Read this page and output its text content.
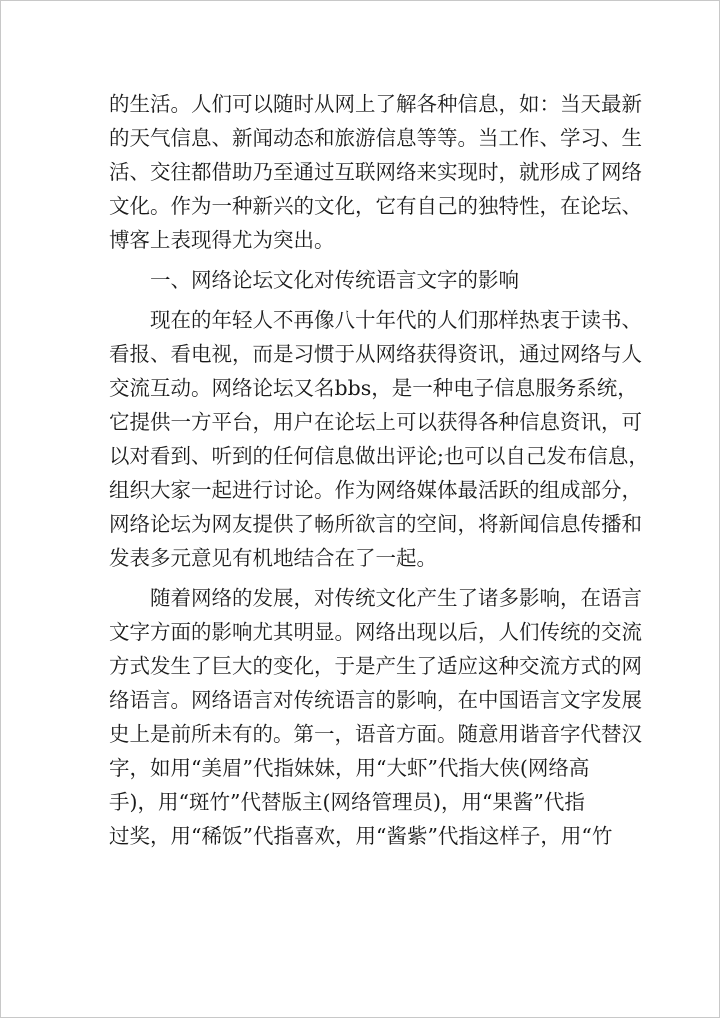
的生活。人们可以随时从网上了解各种信息，如：当天最新
的天气信息、新闻动态和旅游信息等等。当工作、学习、生
活、交往都借助乃至通过互联网络来实现时，就形成了网络
文化。作为一种新兴的文化，它有自己的独特性，在论坛、
博客上表现得尤为突出。

　　一、网络论坛文化对传统语言文字的影响

　　现在的年轻人不再像八十年代的人们那样热衷于读书、
看报、看电视，而是习惯于从网络获得资讯，通过网络与人
交流互动。网络论坛又名bbs，是一种电子信息服务系统，
它提供一方平台，用户在论坛上可以获得各种信息资讯，可
以对看到、听到的任何信息做出评论;也可以自己发布信息，
组织大家一起进行讨论。作为网络媒体最活跃的组成部分，
网络论坛为网友提供了畅所欲言的空间，将新闻信息传播和
发表多元意见有机地结合在了一起。

　　随着网络的发展，对传统文化产生了诸多影响，在语言
文字方面的影响尤其明显。网络出现以后，人们传统的交流
方式发生了巨大的变化，于是产生了适应这种交流方式的网
络语言。网络语言对传统语言的影响，在中国语言文字发展
史上是前所未有的。第一，语音方面。随意用谐音字代替汉
字，如用“美眉”代指妹妹，用“大虾”代指大侠(网络高
手)，用“斑竹”代替版主(网络管理员)，用“果酱”代指
过奖，用“稀饭”代指喜欢，用“酱紫”代指这样子，用“竹
